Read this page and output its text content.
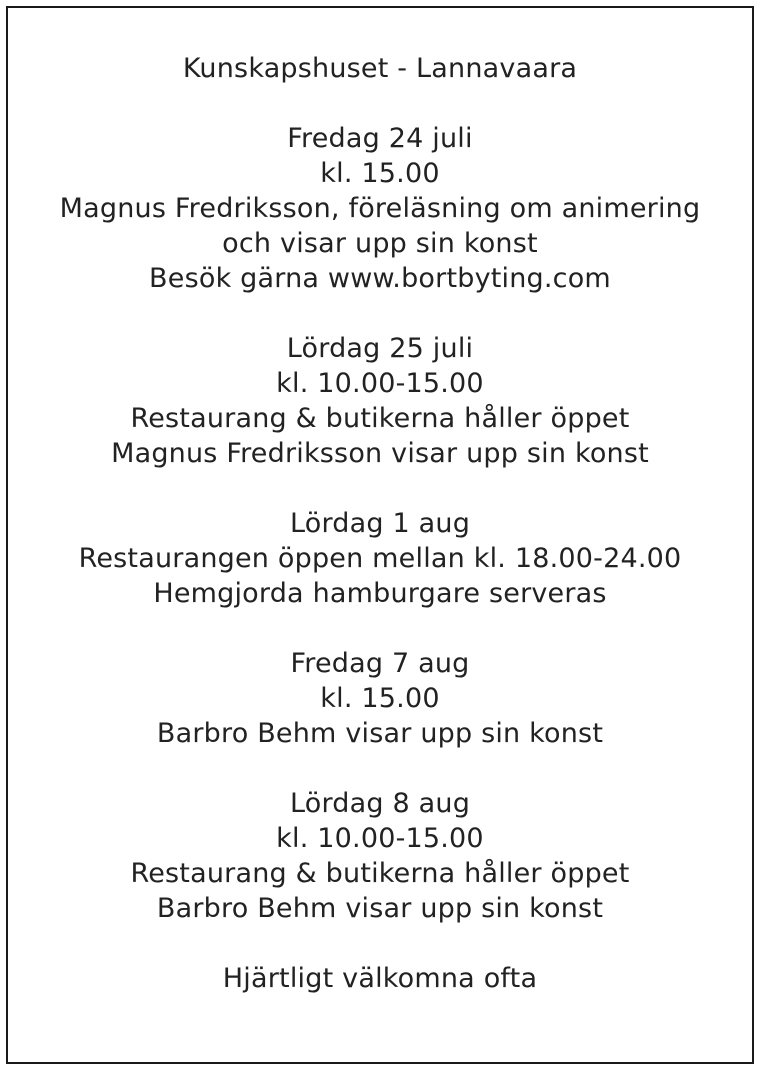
Kunskapshuset - Lannavaara
Fredag 24 juli
kl. 15.00
Magnus Fredriksson, föreläsning om animering
och visar upp sin konst
Besök gärna www.bortbyting.com
Lördag 25 juli
kl. 10.00-15.00
Restaurang & butikerna håller öppet
Magnus Fredriksson visar upp sin konst
Lördag 1 aug
Restaurangen öppen mellan kl. 18.00-24.00
Hemgjorda hamburgare serveras
Fredag 7 aug
kl. 15.00
Barbro Behm visar upp sin konst
Lördag 8 aug
kl. 10.00-15.00
Restaurang & butikerna håller öppet
Barbro Behm visar upp sin konst
Hjärtligt välkomna ofta
